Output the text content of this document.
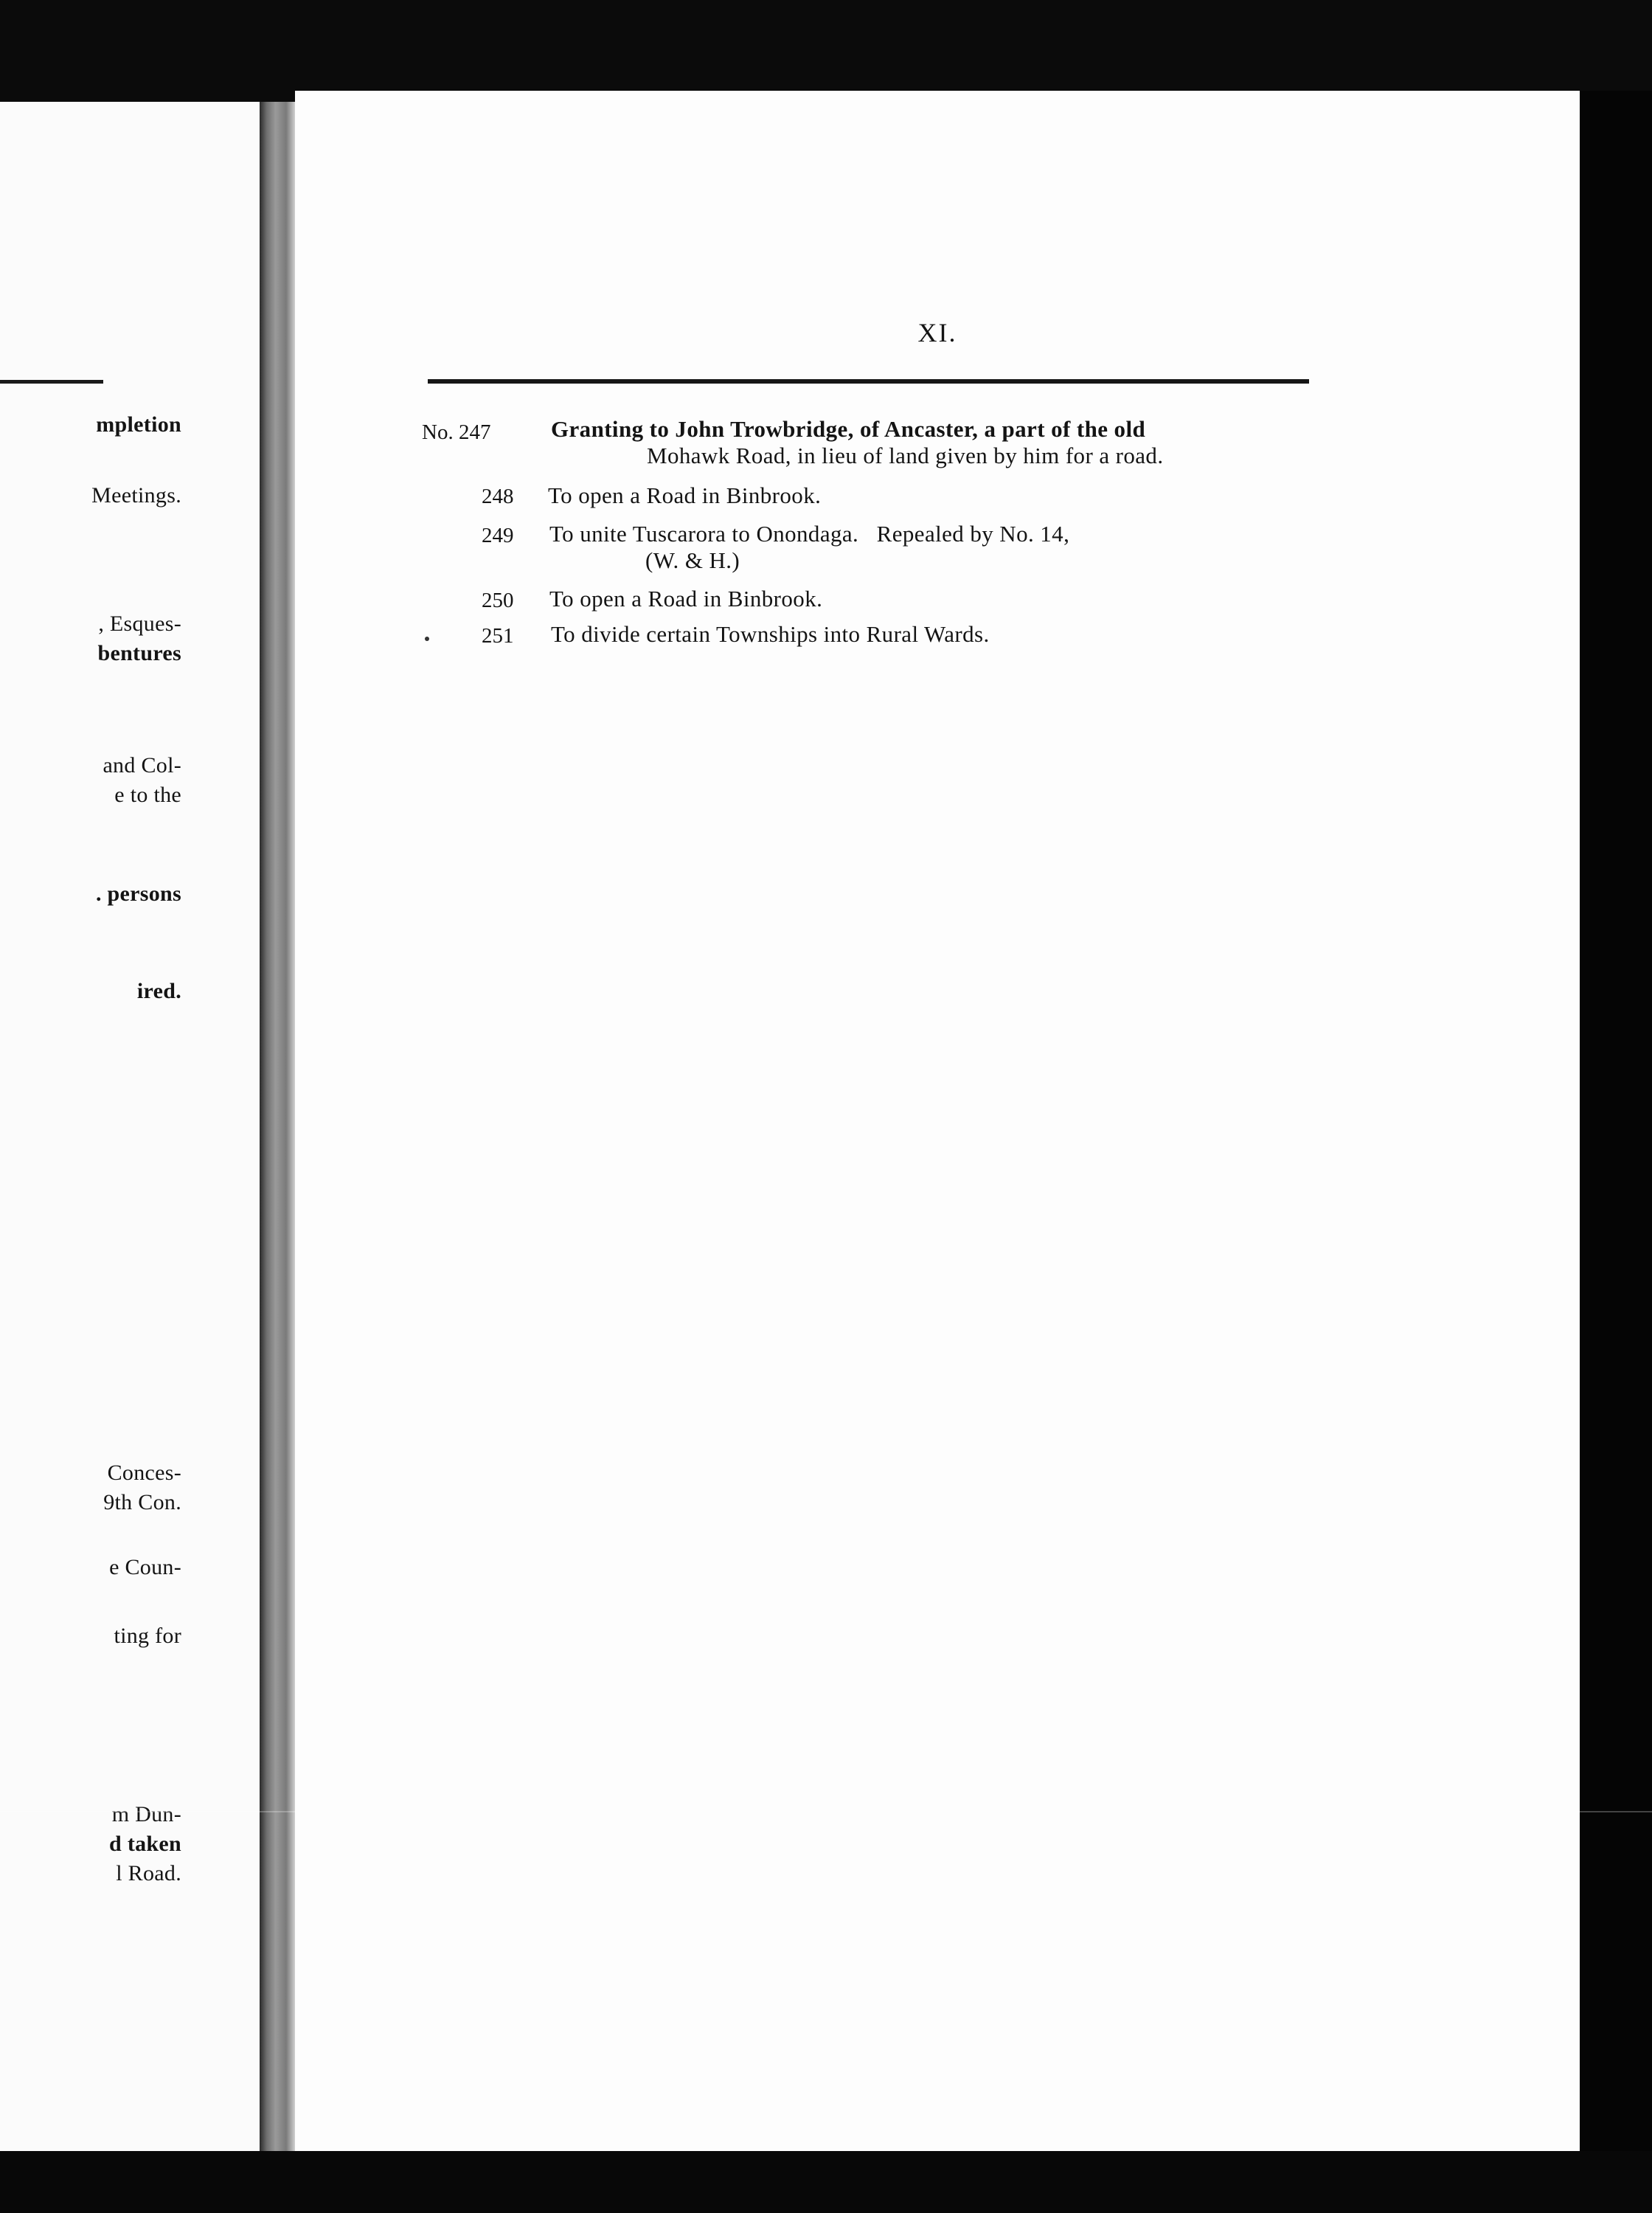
mpletion
Meetings.
, Esques-
bentures
and Col-
e to the
. persons
ired.
Conces-
9th Con.
e Coun-
ting for
m Dun-
d taken
l Road.
XI.
No. 247	Granting to John Trowbridge, of Ancaster, a part of the old
Mohawk Road, in lieu of land given by him for a road.
248 To open a Road in Binbrook.
249 To unite Tuscarora to Onondaga.   Repealed by No. 14,
(W. & H.)
250 To open a Road in Binbrook.
251 To divide certain Townships into Rural Wards.
